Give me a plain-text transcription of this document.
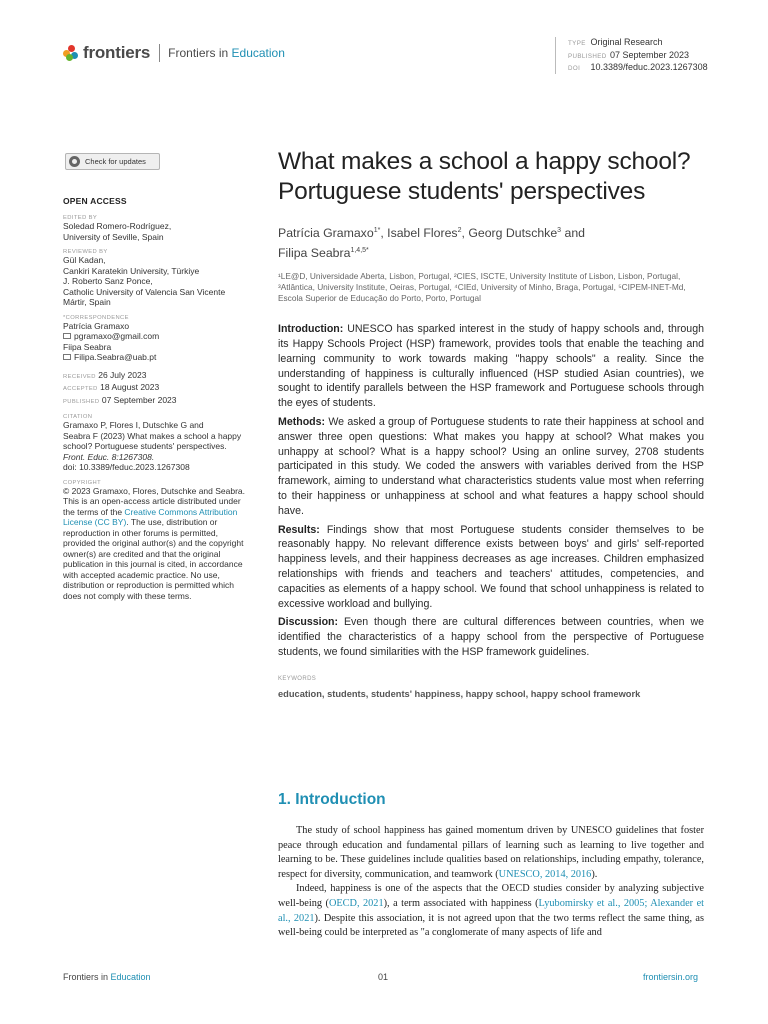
frontiers Frontiers in Education
TYPE Original Research
PUBLISHED 07 September 2023
DOI 10.3389/feduc.2023.1267308
Check for updates
OPEN ACCESS
EDITED BY
Soledad Romero-Rodríguez,
University of Seville, Spain
REVIEWED BY
Gül Kadan,
Cankiri Karatekin University, Türkiye
J. Roberto Sanz Ponce,
Catholic University of Valencia San Vicente
Mártir, Spain
*CORRESPONDENCE
Patrícia Gramaxo
pgramaxo@gmail.com
Fiipa Seabra
Filipa.Seabra@uab.pt
RECEIVED 26 July 2023
ACCEPTED 18 August 2023
PUBLISHED 07 September 2023
CITATION
Gramaxo P, Flores I, Dutschke G and
Seabra F (2023) What makes a school a happy
school? Portuguese students' perspectives.
Front. Educ. 8:1267308.
doi: 10.3389/feduc.2023.1267308
COPYRIGHT
© 2023 Gramaxo, Flores, Dutschke and Seabra.
This is an open-access article distributed under
the terms of the Creative Commons Attribution
License (CC BY). The use, distribution or
reproduction in other forums is permitted,
provided the original author(s) and the copyright
owner(s) are credited and that the original
publication in this journal is cited, in accordance
with accepted academic practice. No use,
distribution or reproduction is permitted which
does not comply with these terms.
What makes a school a happy school? Portuguese students' perspectives
Patrícia Gramaxo$^{1*}$, Isabel Flores$^2$, Georg Dutschke$^3$ and
Filipa Seabra$^{1,4,5*}$
¹LE@D, Universidade Aberta, Lisbon, Portugal, ²CIES, ISCTE, University Institute of Lisbon, Lisbon, Portugal, ³Atlântica, University Institute, Oeiras, Portugal, ⁴CIEd, University of Minho, Braga, Portugal, ⁵CIPEM-INET-Md, Escola Superior de Educação do Porto, Porto, Portugal

Introduction: UNESCO has sparked interest in the study of happy schools and, through its Happy Schools Project (HSP) framework, provides tools that enable the teaching and learning community to work towards making "happy schools" a reality. Since the understanding of happiness is culturally influenced (HSP studied Asian countries), we sought to identify parallels between the HSP framework and Portuguese schools through the eyes of students.

Methods: We asked a group of Portuguese students to rate their happiness at school and answer three open questions: What makes you happy at school? What makes you unhappy at school? What is a happy school? Using an online survey, 2708 students participated in this study. We coded the answers with variables derived from the HSP framework, aiming to understand what characteristics students value most when referring to their happiness or unhappiness at school and what features a happy school should have.

Results: Findings show that most Portuguese students consider themselves to be reasonably happy. No relevant difference exists between boys' and girls' self-reported happiness levels, and their happiness decreases as age increases. Children emphasized relationships with friends and teachers and teachers' attitudes, competencies, and capacities as elements of a happy school. We found that school unhappiness is related to excessive workload and bullying.

Discussion: Even though there are cultural differences between countries, when we identified the characteristics of a happy school from the perspective of Portuguese students, we found similarities with the HSP framework guidelines.

KEYWORDS
education, students, students' happiness, happy school, happy school framework
1. Introduction

The study of school happiness has gained momentum driven by UNESCO guidelines that foster peace through education and fundamental pillars of learning such as learning to live together and learning to be. These guidelines include qualities based on relationships, including empathy, tolerance, respect for diversity, communication, and teamwork (UNESCO, 2014, 2016).

Indeed, happiness is one of the aspects that the OECD studies consider by analyzing subjective well-being (OECD, 2021), a term associated with happiness (Lyubomirsky et al., 2005; Alexander et al., 2021). Despite this association, it is not agreed upon that the two terms reflect the same thing, as well-being could be interpreted as "a conglomerate of many aspects of life and

Frontiers in Education	01	frontiersin.org
